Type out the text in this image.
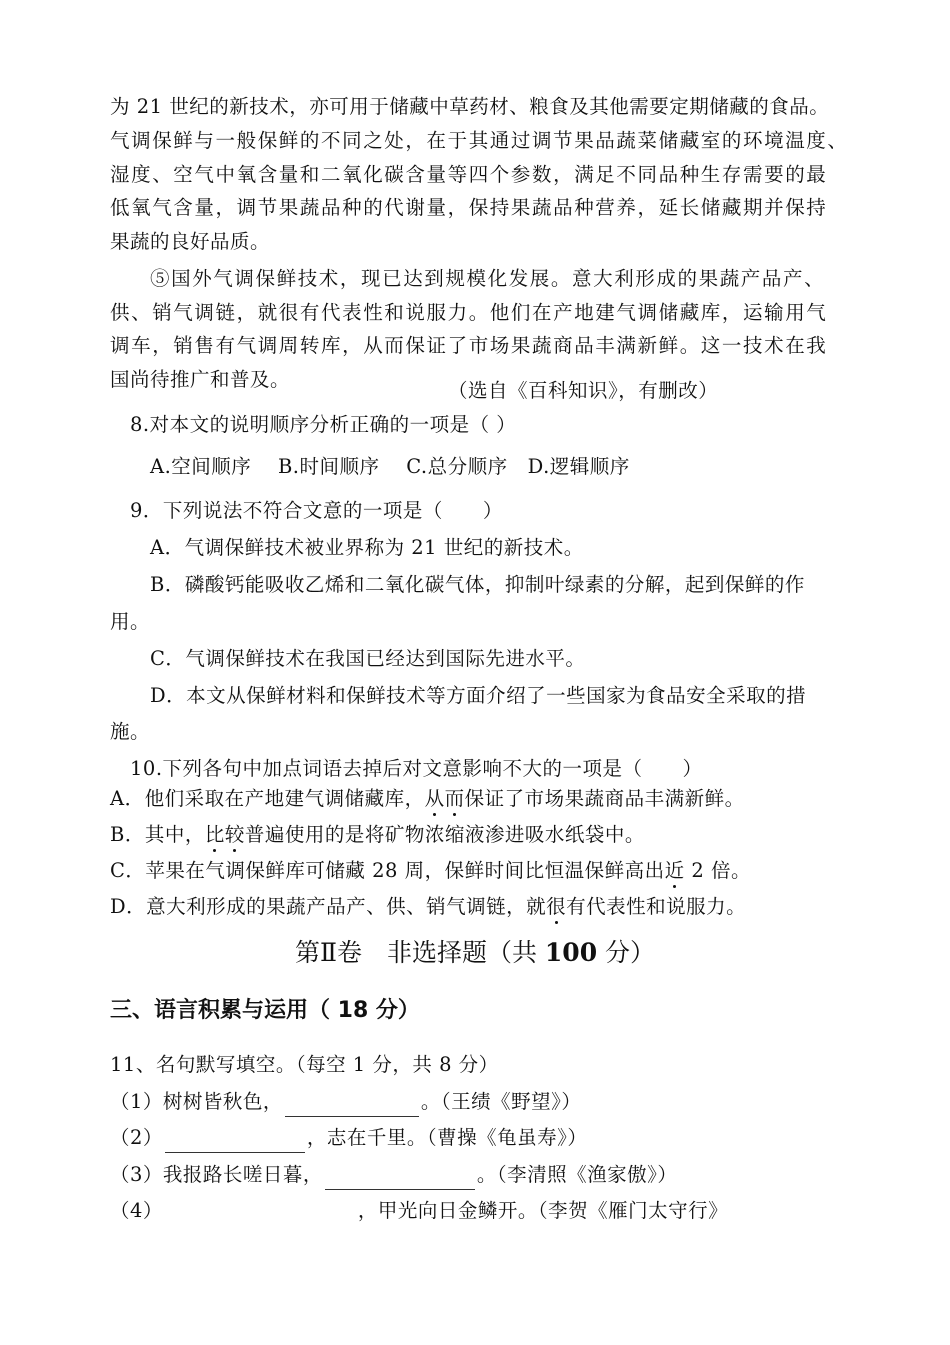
为 21 世纪的新技术，亦可用于储藏中草药材、粮食及其他需要定期储藏的食品。
气调保鲜与一般保鲜的不同之处，在于其通过调节果品蔬菜储藏室的环境温度、
湿度、空气中氧含量和二氧化碳含量等四个参数，满足不同品种生存需要的最
低氧气含量，调节果蔬品种的代谢量，保持果蔬品种营养，延长储藏期并保持
果蔬的良好品质。
⑤国外气调保鲜技术，现已达到规模化发展。意大利形成的果蔬产品产、
供、销气调链，就很有代表性和说服力。他们在产地建气调储藏库，运输用气
调车，销售有气调周转库，从而保证了市场果蔬商品丰满新鲜。这一技术在我
国尚待推广和普及。	（选自《百科知识》，有删改）
8.对本文的说明顺序分析正确的一项是（ ）
A.空间顺序　 B.时间顺序　 C.总分顺序　D.逻辑顺序
9．下列说法不符合文意的一项是（　　）
A．气调保鲜技术被业界称为 21 世纪的新技术。
B．磷酸钙能吸收乙烯和二氧化碳气体，抑制叶绿素的分解，起到保鲜的作
用。
C．气调保鲜技术在我国已经达到国际先进水平。
D．本文从保鲜材料和保鲜技术等方面介绍了一些国家为食品安全采取的措
施。
10.下列各句中加点词语去掉后对文意影响不大的一项是（　　）
A．他们采取在产地建气调储藏库，从而保证了市场果蔬商品丰满新鲜。
B．其中，比较普遍使用的是将矿物浓缩液渗进吸水纸袋中。
C．苹果在气调保鲜库可储藏 28 周，保鲜时间比恒温保鲜高出近 2 倍。
D．意大利形成的果蔬产品产、供、销气调链，就很有代表性和说服力。
第Ⅱ卷　非选择题（共 100 分）
三、语言积累与运用（ 18 分）
11、名句默写填空。（每空 1 分，共 8 分）
（1）树树皆秋色，	。（王绩《野望》）
（2）	，志在千里。（曹操《龟虽寿》）
（3）我报路长嗟日暮，	。（李清照《渔家傲》）
（4）	，甲光向日金鳞开。（李贺《雁门太守行》
